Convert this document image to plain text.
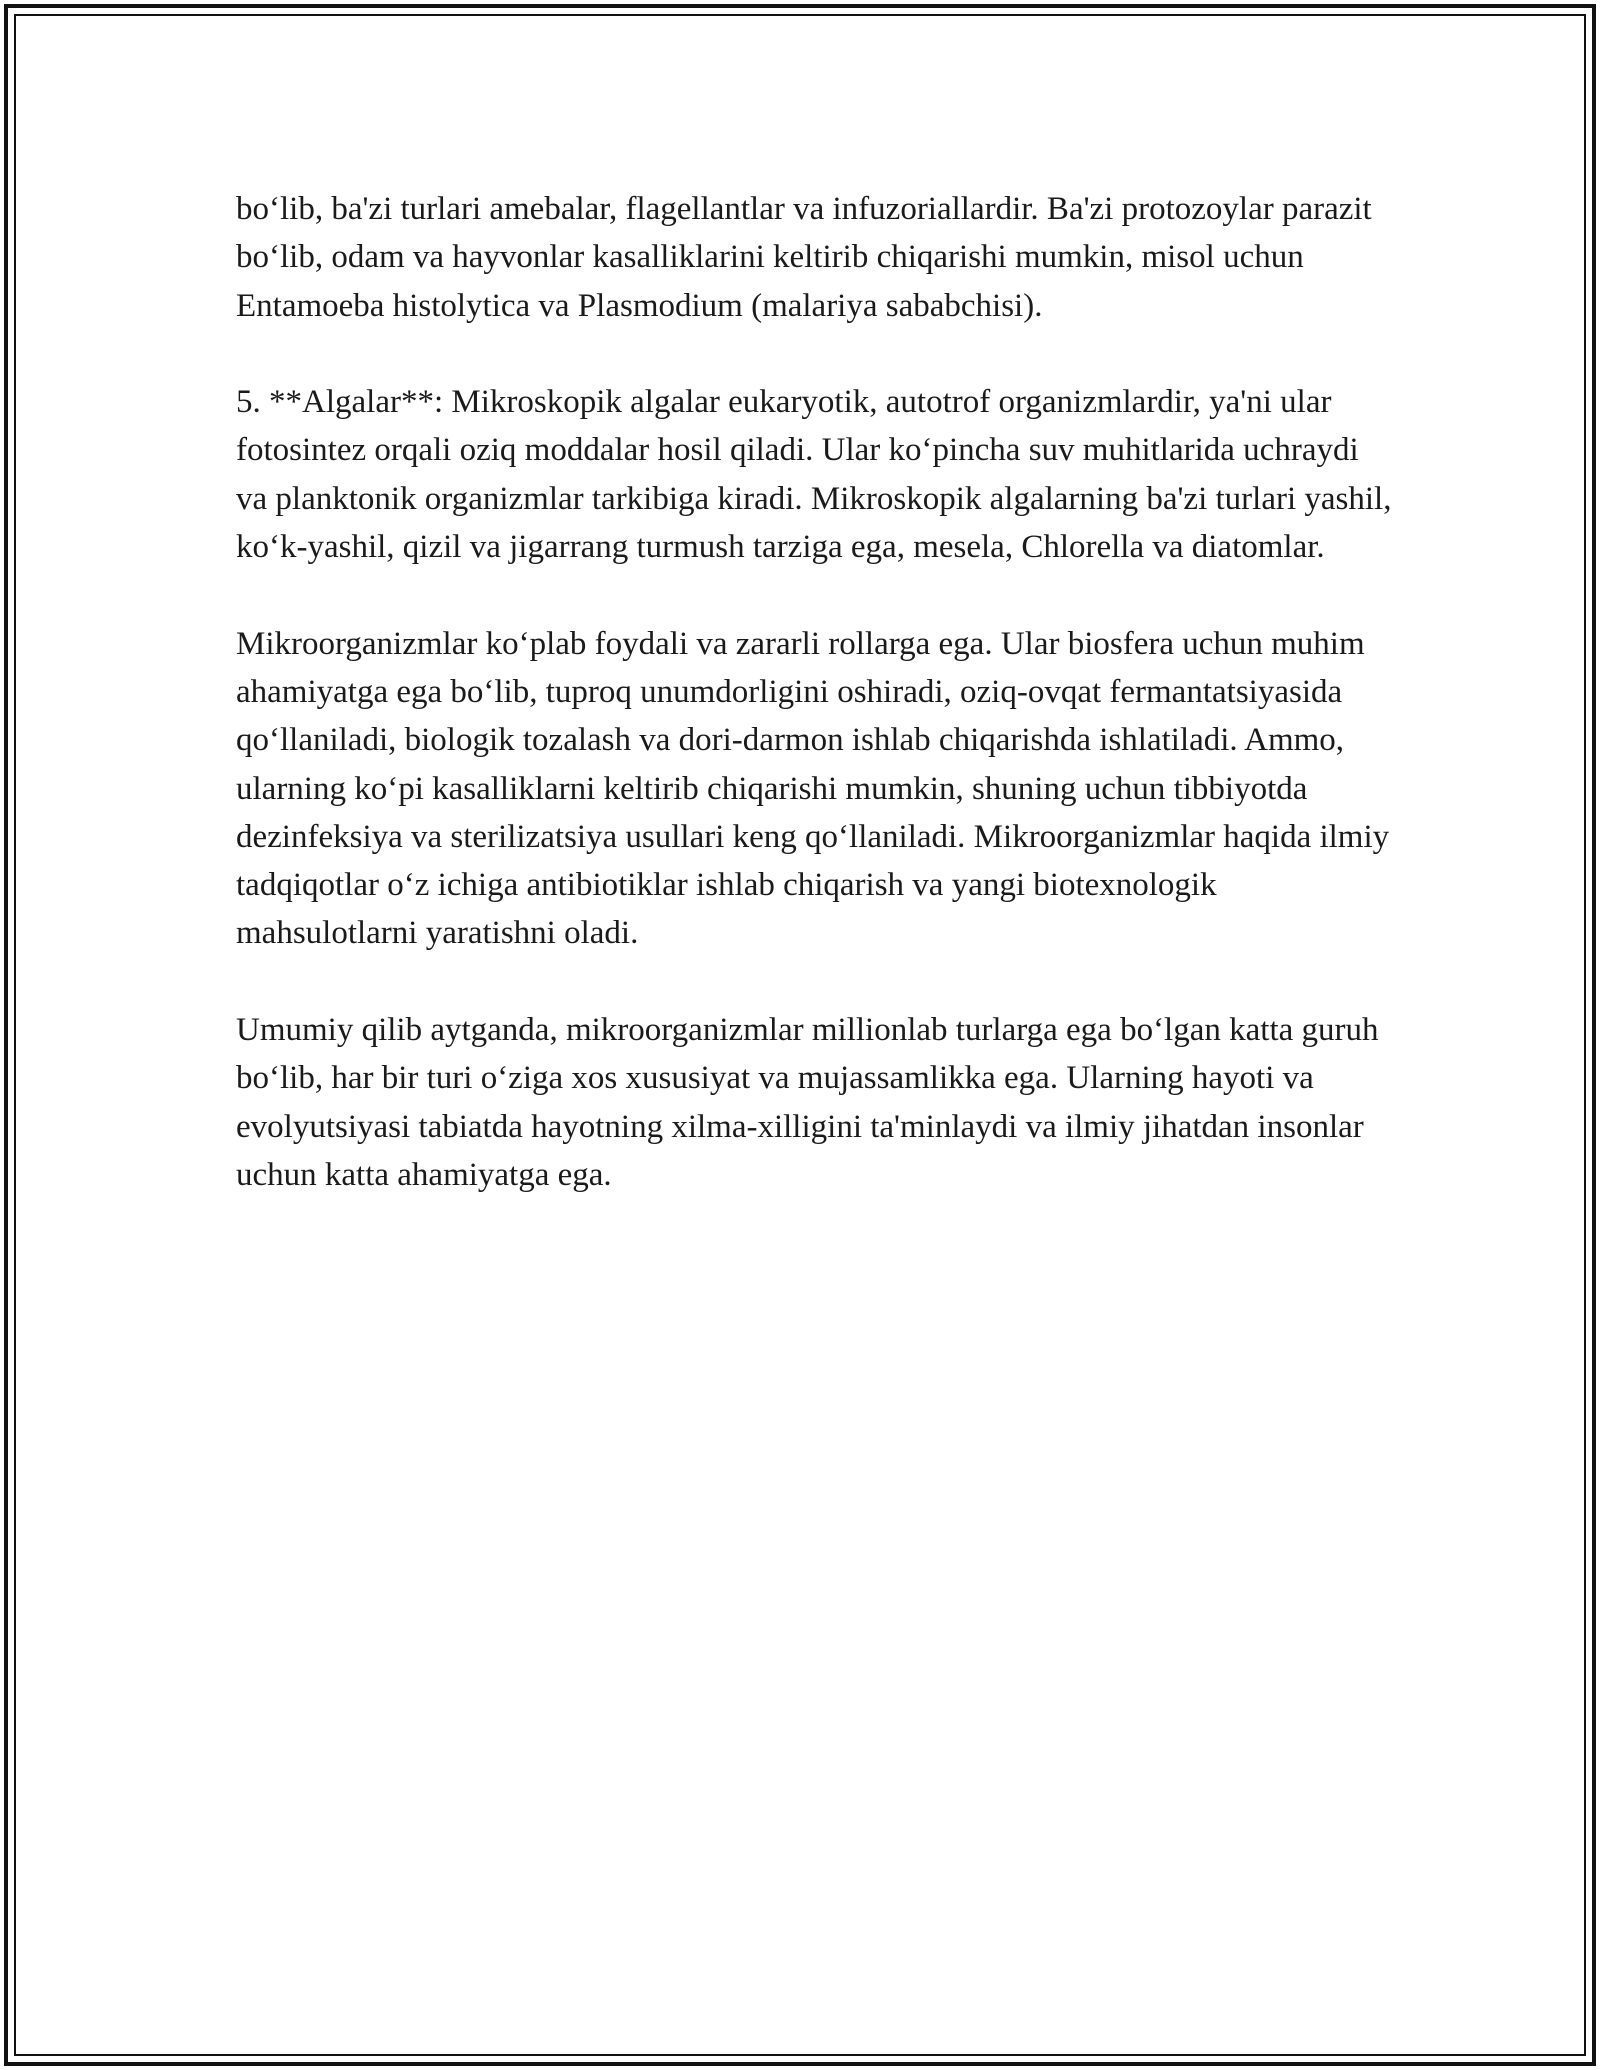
bo‘lib, ba'zi turlari amebalar, flagellantlar va infuzoriallardir. Ba'zi protozoylar parazit bo‘lib, odam va hayvonlar kasalliklarini keltirib chiqarishi mumkin, misol uchun Entamoeba histolytica va Plasmodium (malariya sababchisi).

5. **Algalar**: Mikroskopik algalar eukaryotik, autotrof organizmlardir, ya'ni ular fotosintez orqali oziq moddalar hosil qiladi. Ular ko‘pincha suv muhitlarida uchraydi va planktonik organizmlar tarkibiga kiradi. Mikroskopik algalarning ba'zi turlari yashil, ko‘k-yashil, qizil va jigarrang turmush tarziga ega, mesela, Chlorella va diatomlar.

Mikroorganizmlar ko‘plab foydali va zararli rollarga ega. Ular biosfera uchun muhim ahamiyatga ega bo‘lib, tuproq unumdorligini oshiradi, oziq-ovqat fermantatsiyasida qo‘llaniladi, biologik tozalash va dori-darmon ishlab chiqarishda ishlatiladi. Ammo, ularning ko‘pi kasalliklarni keltirib chiqarishi mumkin, shuning uchun tibbiyotda dezinfeksiya va sterilizatsiya usullari keng qo‘llaniladi. Mikroorganizmlar haqida ilmiy tadqiqotlar o‘z ichiga antibiotiklar ishlab chiqarish va yangi biotexnologik mahsulotlarni yaratishni oladi.

Umumiy qilib aytganda, mikroorganizmlar millionlab turlarga ega bo‘lgan katta guruh bo‘lib, har bir turi o‘ziga xos xususiyat va mujassamlikka ega. Ularning hayoti va evolyutsiyasi tabiatda hayotning xilma-xilligini ta'minlaydi va ilmiy jihatdan insonlar uchun katta ahamiyatga ega.
